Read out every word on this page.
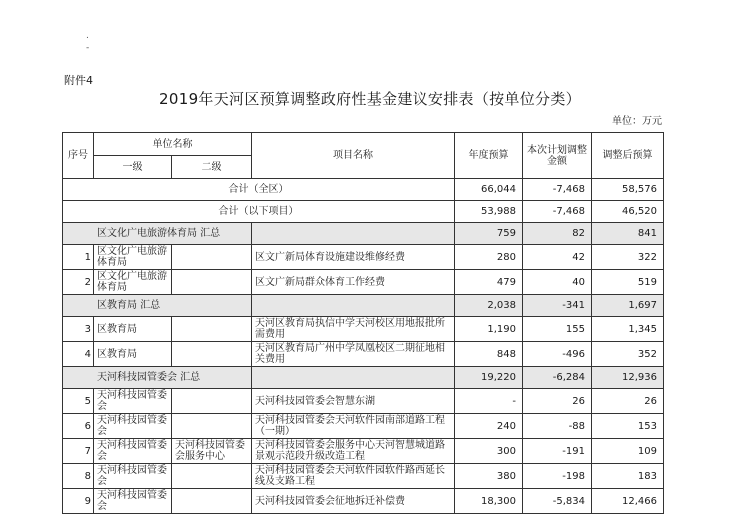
.
-
附件4
2019年天河区预算调整政府性基金建议安排表（按单位分类）
单位：万元
序号	单位名称		项目名称	年度预算	本次计划调整金额	调整后预算
	一级	二级				
合计（全区）				66,044	-7,468	58,576
合计（以下项目）				53,988	-7,468	46,520
区文化广电旅游体育局 汇总				759	82	841
1	区文化广电旅游体育局		区文广新局体育设施建设维修经费	280	42	322
2	区文化广电旅游体育局		区文广新局群众体育工作经费	479	40	519
区教育局 汇总				2,038	-341	1,697
3	区教育局		天河区教育局执信中学天河校区用地报批所需费用	1,190	155	1,345
4	区教育局		天河区教育局广州中学凤凰校区二期征地相关费用	848	-496	352
天河科技园管委会 汇总				19,220	-6,284	12,936
5	天河科技园管委会		天河科技园管委会智慧东湖	-	26	26
6	天河科技园管委会		天河科技园管委会天河软件园南部道路工程（一期）	240	-88	153
7	天河科技园管委会	天河科技园管委会服务中心	天河科技园管委会服务中心天河智慧城道路景观示范段升级改造工程	300	-191	109
8	天河科技园管委会		天河科技园管委会天河软件园软件路西延长线及支路工程	380	-198	183
9	天河科技园管委会		天河科技园管委会征地拆迁补偿费	18,300	-5,834	12,466
